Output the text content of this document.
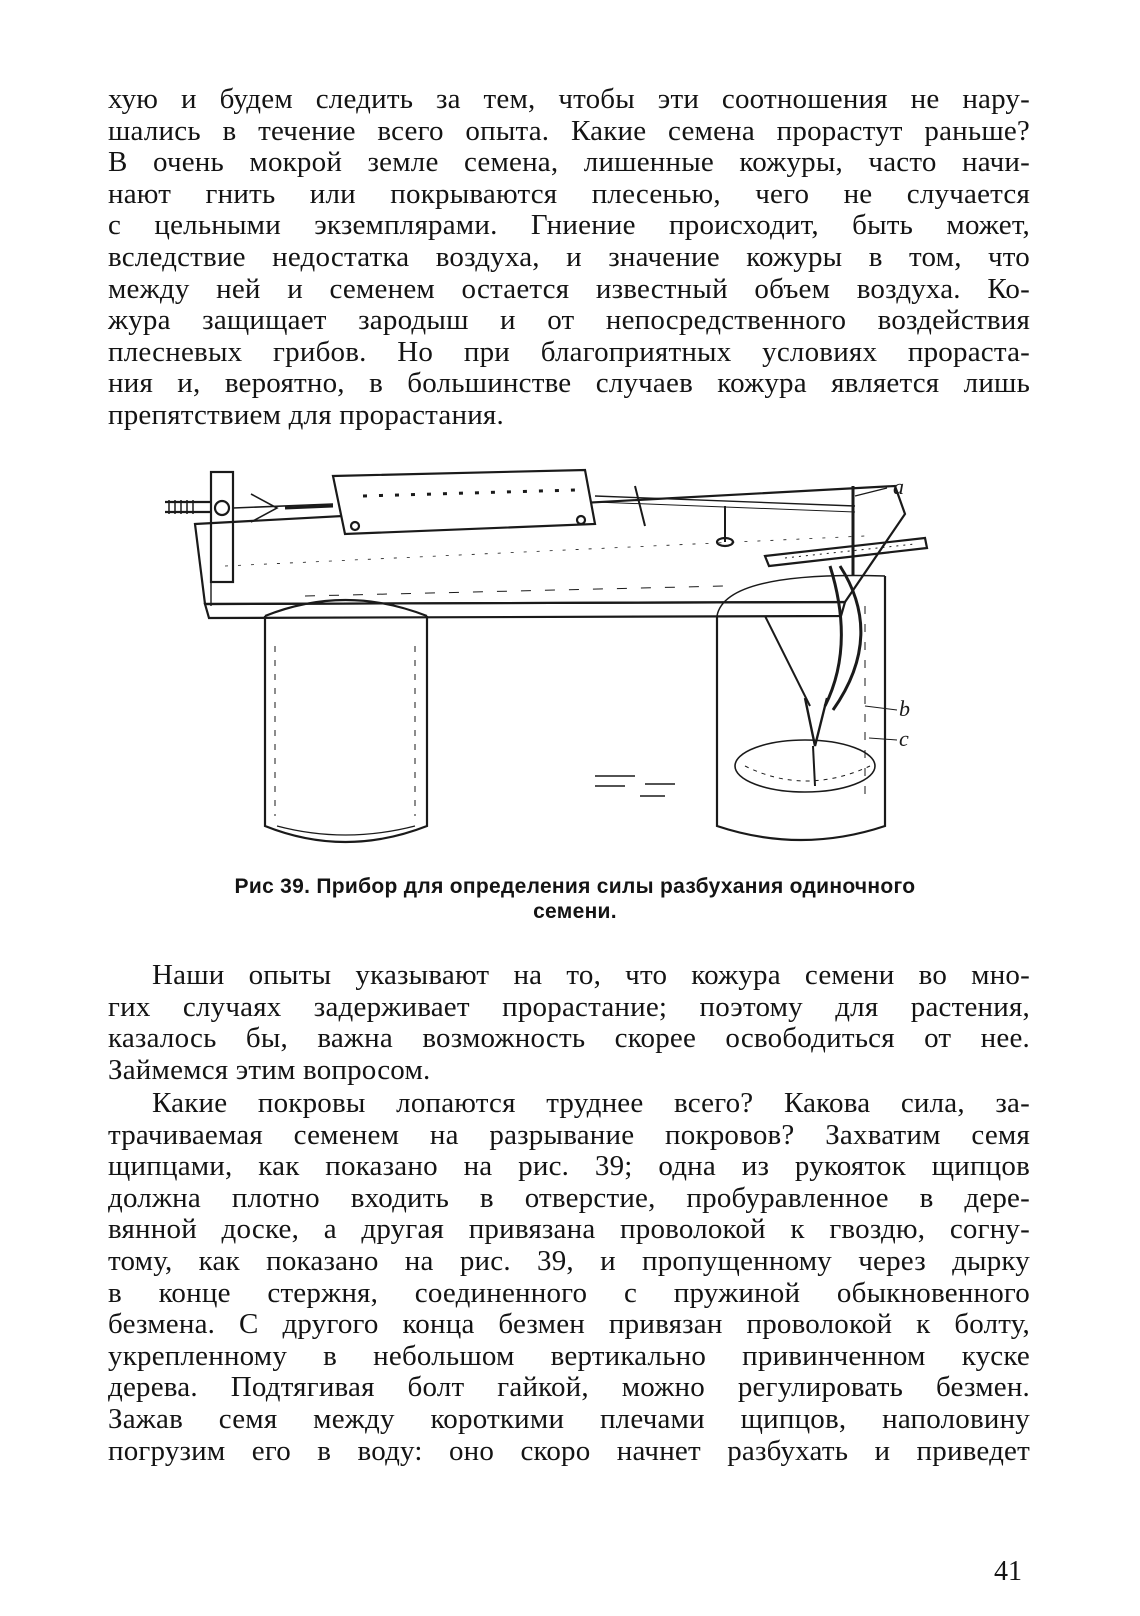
хую и будем следить за тем, чтобы эти соотношения не нару-
шались в течение всего опыта. Какие семена прорастут раньше?
В очень мокрой земле семена, лишенные кожуры, часто начи-
нают гнить или покрываются плесенью, чего не случается
с цельными экземплярами. Гниение происходит, быть может,
вследствие недостатка воздуха, и значение кожуры в том, что
между ней и семенем остается известный объем воздуха. Ко-
жура защищает зародыш и от непосредственного воздействия
плесневых грибов. Но при благоприятных условиях прораста-
ния и, вероятно, в большинстве случаев кожура является лишь
препятствием для прорастания.
a
b
c
Рис 39. Прибор для определения силы разбухания одиночного
семени.
Наши опыты указывают на то, что кожура семени во мно-
гих случаях задерживает прорастание; поэтому для растения,
казалось бы, важна возможность скорее освободиться от нее.
Займемся этим вопросом.
Какие покровы лопаются труднее всего? Какова сила, за-
трачиваемая семенем на разрывание покровов? Захватим семя
щипцами, как показано на рис. 39; одна из рукояток щипцов
должна плотно входить в отверстие, пробуравленное в дере-
вянной доске, а другая привязана проволокой к гвоздю, согну-
тому, как показано на рис. 39, и пропущенному через дырку
в конце стержня, соединенного с пружиной обыкновенного
безмена. С другого конца безмен привязан проволокой к болту,
укрепленному в небольшом вертикально привинченном куске
дерева. Подтягивая болт гайкой, можно регулировать безмен.
Зажав семя между короткими плечами щипцов, наполовину
погрузим его в воду: оно скоро начнет разбухать и приведет
41
